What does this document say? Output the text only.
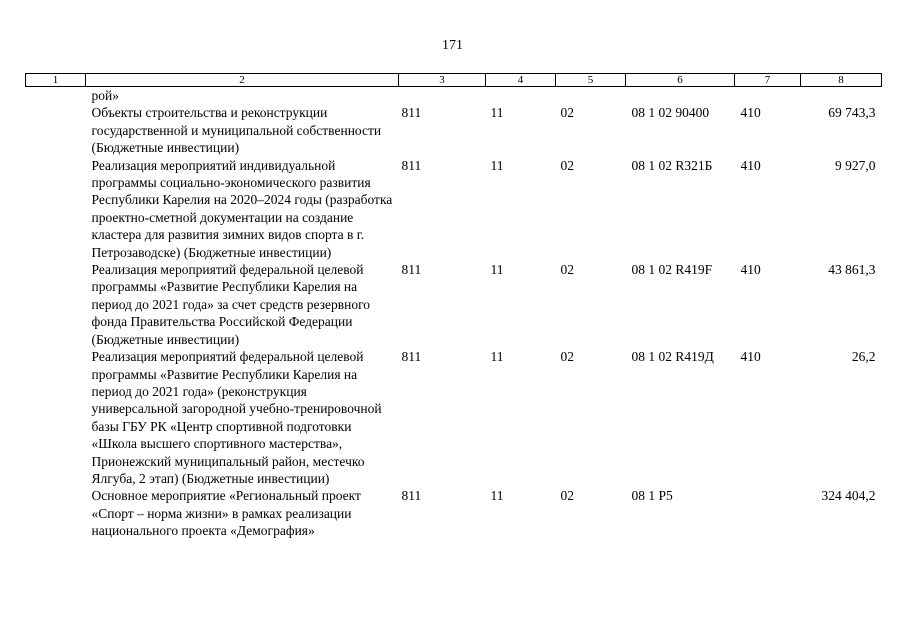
171
1	2	3	4	5	6	7	8
	рой»						
	Объекты строительства и реконструкции государственной и муниципальной собственности (Бюджетные инвестиции)	811	11	02	08 1 02 90400	410	69 743,3
	Реализация мероприятий индивидуальной программы социально-экономического развития Республики Карелия на 2020–2024 годы (разработка проектно-сметной документации на создание кластера для развития зимних видов спорта в г. Петрозаводске) (Бюджетные инвестиции)	811	11	02	08 1 02 R321Б	410	9 927,0
	Реализация мероприятий федеральной целевой программы «Развитие Республики Карелия на период до 2021 года» за счет средств резервного фонда Правительства Российской Федерации (Бюджетные инвестиции)	811	11	02	08 1 02 R419F	410	43 861,3
	Реализация мероприятий федеральной целевой программы «Развитие Республики Карелия на период до 2021 года» (реконструкция универсальной загородной учебно-тренировочной базы ГБУ РК «Центр спортивной подготовки «Школа высшего спортивного мастерства», Прионежский муниципальный район, местечко Ялгуба, 2 этап) (Бюджетные инвестиции)	811	11	02	08 1 02 R419Д	410	26,2
	Основное мероприятие «Региональный проект «Спорт – норма жизни» в рамках реализации национального проекта «Демография»	811	11	02	08 1 P5		324 404,2
